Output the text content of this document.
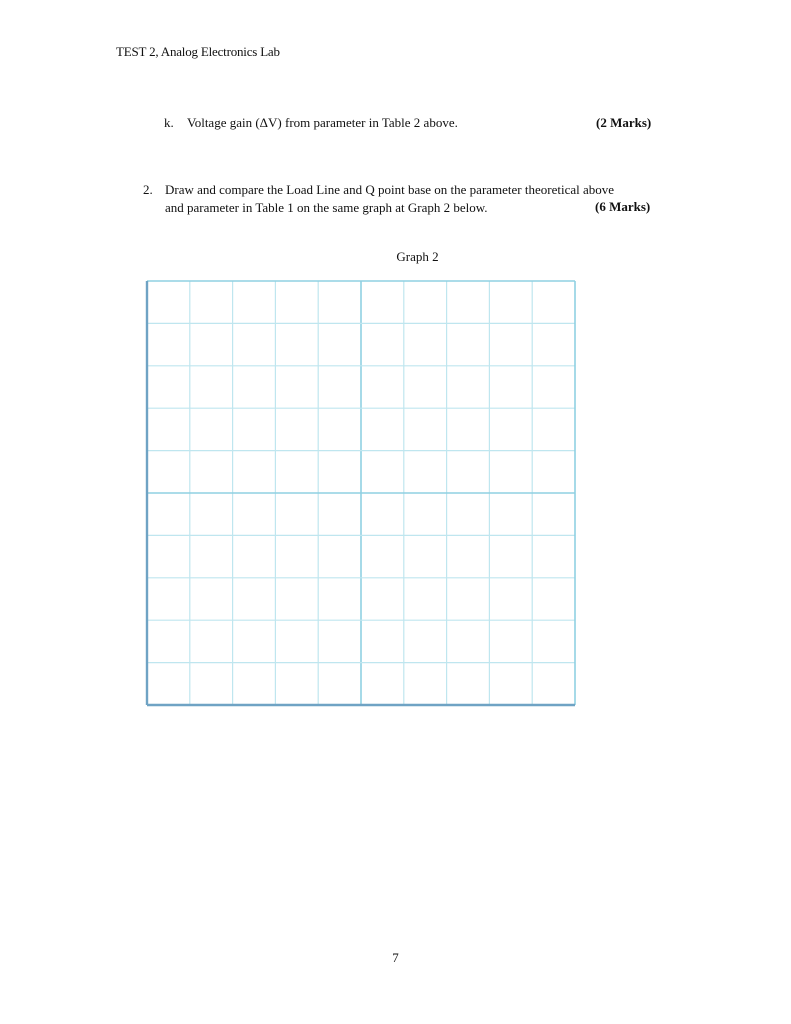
TEST 2, Analog Electronics Lab
k. Voltage gain (ΔV) from parameter in Table 2 above.	(2 Marks)
2. Draw and compare the Load Line and Q point base on the parameter theoretical above
and parameter in Table 1 on the same graph at Graph 2 below.	(6 Marks)
Graph 2
7
